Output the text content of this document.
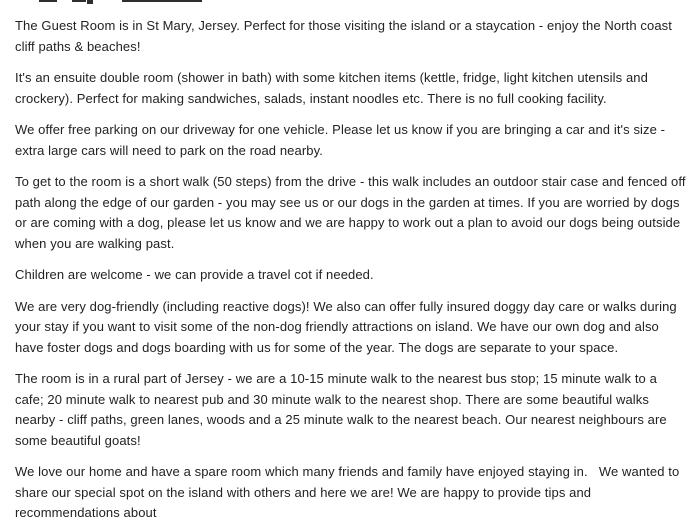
The Guest Room is in St Mary, Jersey. Perfect for those visiting the island or a staycation - enjoy the North coast cliff paths & beaches!

It's an ensuite double room (shower in bath) with some kitchen items (kettle, fridge, light kitchen utensils and crockery). Perfect for making sandwiches, salads, instant noodles etc. There is no full cooking facility.

We offer free parking on our driveway for one vehicle. Please let us know if you are bringing a car and it's size - extra large cars will need to park on the road nearby.

To get to the room is a short walk (50 steps) from the drive - this walk includes an outdoor stair case and fenced off path along the edge of our garden - you may see us or our dogs in the garden at times. If you are worried by dogs or are coming with a dog, please let us know and we are happy to work out a plan to avoid our dogs being outside when you are walking past.

Children are welcome - we can provide a travel cot if needed.

We are very dog-friendly (including reactive dogs)! We also can offer fully insured doggy day care or walks during your stay if you want to visit some of the non-dog friendly attractions on island. We have our own dog and also have foster dogs and dogs boarding with us for some of the year. The dogs are separate to your space.

The room is in a rural part of Jersey - we are a 10-15 minute walk to the nearest bus stop; 15 minute walk to a cafe; 20 minute walk to nearest pub and 30 minute walk to the nearest shop. There are some beautiful walks nearby - cliff paths, green lanes, woods and a 25 minute walk to the nearest beach. Our nearest neighbours are some beautiful goats!

We love our home and have a spare room which many friends and family have enjoyed staying in.   We wanted to share our special spot on the island with others and here we are! We are happy to provide tips and recommendations about
